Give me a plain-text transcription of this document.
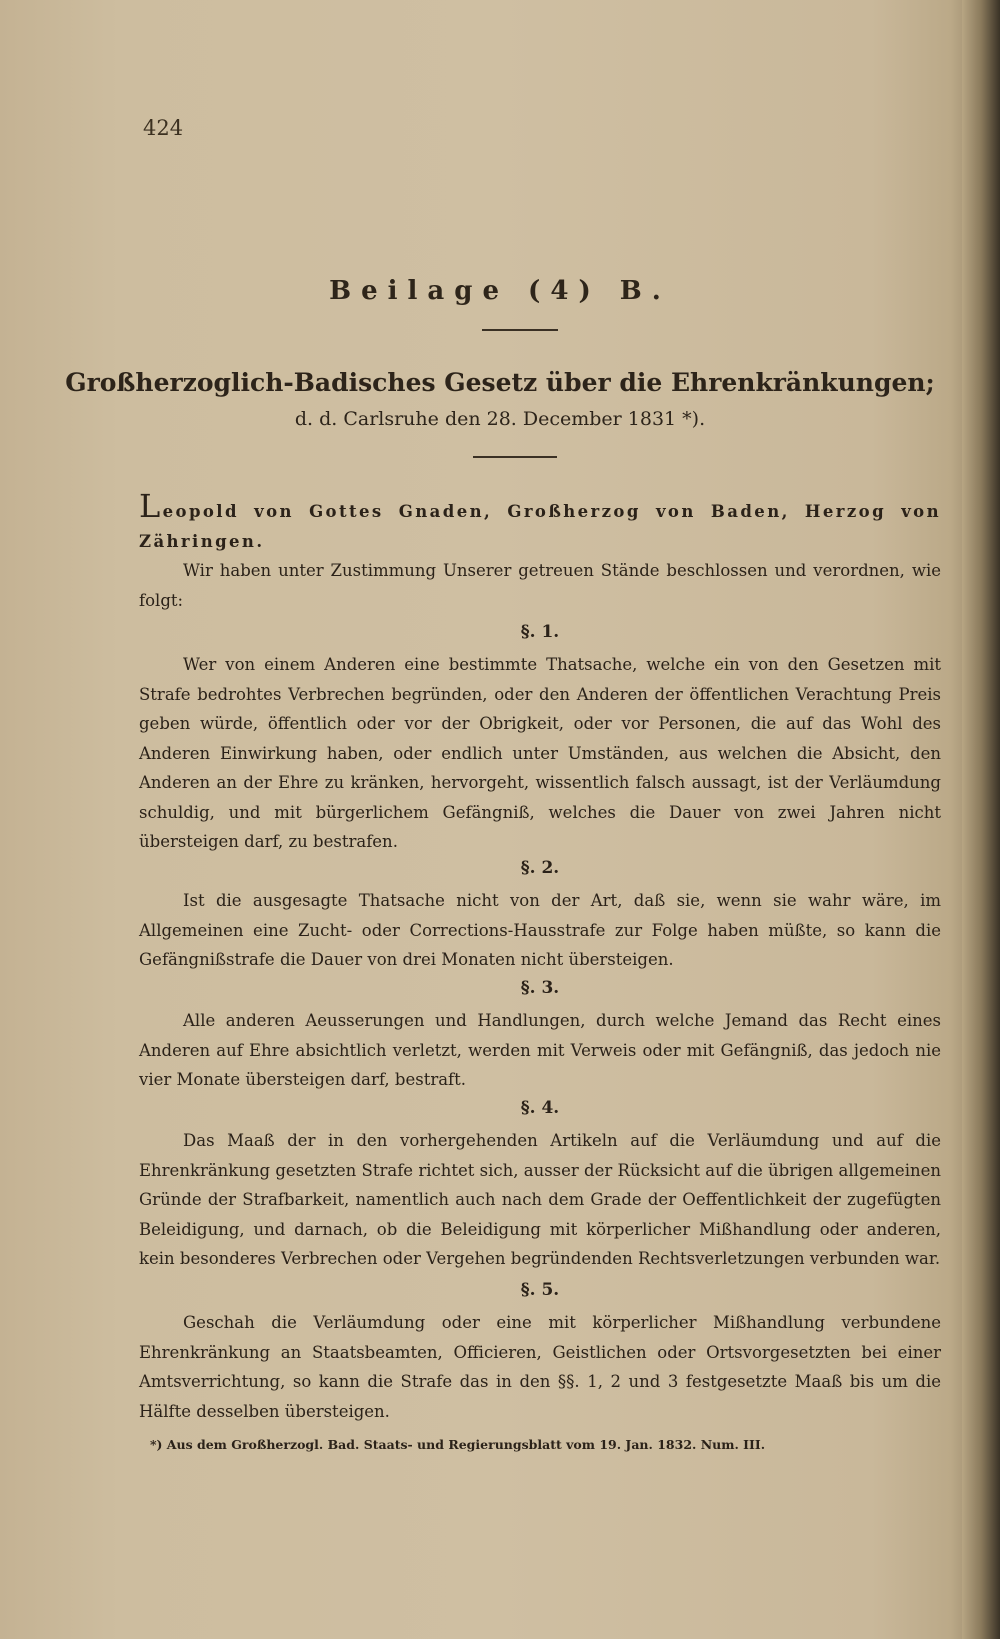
424
Beilage (4) B.
Großherzoglich-Badisches Gesetz über die Ehrenkränkungen;
d. d. Carlsruhe den 28. December 1831 *).
Leopold von Gottes Gnaden, Großherzog von Baden, Herzog von Zähringen.
Wir haben unter Zustimmung Unserer getreuen Stände beschlossen und verordnen, wie folgt:
§. 1.
Wer von einem Anderen eine bestimmte Thatsache, welche ein von den Gesetzen mit Strafe bedrohtes Verbrechen begründen, oder den Anderen der öffentlichen Verachtung Preis geben würde, öffentlich oder vor der Obrigkeit, oder vor Personen, die auf das Wohl des Anderen Einwirkung haben, oder endlich unter Umständen, aus welchen die Absicht, den Anderen an der Ehre zu kränken, hervorgeht, wissentlich falsch aussagt, ist der Verläumdung schuldig, und mit bürgerlichem Gefängniß, welches die Dauer von zwei Jahren nicht übersteigen darf, zu bestrafen.
§. 2.
Ist die ausgesagte Thatsache nicht von der Art, daß sie, wenn sie wahr wäre, im Allgemeinen eine Zucht- oder Corrections-Hausstrafe zur Folge haben müßte, so kann die Gefängnißstrafe die Dauer von drei Monaten nicht übersteigen.
§. 3.
Alle anderen Aeusserungen und Handlungen, durch welche Jemand das Recht eines Anderen auf Ehre absichtlich verletzt, werden mit Verweis oder mit Gefängniß, das jedoch nie vier Monate übersteigen darf, bestraft.
§. 4.
Das Maaß der in den vorhergehenden Artikeln auf die Verläumdung und auf die Ehrenkränkung gesetzten Strafe richtet sich, ausser der Rücksicht auf die übrigen allgemeinen Gründe der Strafbarkeit, namentlich auch nach dem Grade der Oeffentlichkeit der zugefügten Beleidigung, und darnach, ob die Beleidigung mit körperlicher Mißhandlung oder anderen, kein besonderes Verbrechen oder Vergehen begründenden Rechtsverletzungen verbunden war.
§. 5.
Geschah die Verläumdung oder eine mit körperlicher Mißhandlung verbundene Ehrenkränkung an Staatsbeamten, Officieren, Geistlichen oder Ortsvorgesetzten bei einer Amtsverrichtung, so kann die Strafe das in den §§. 1, 2 und 3 festgesetzte Maaß bis um die Hälfte desselben übersteigen.
*) Aus dem Großherzogl. Bad. Staats- und Regierungsblatt vom 19. Jan. 1832. Num. III.
